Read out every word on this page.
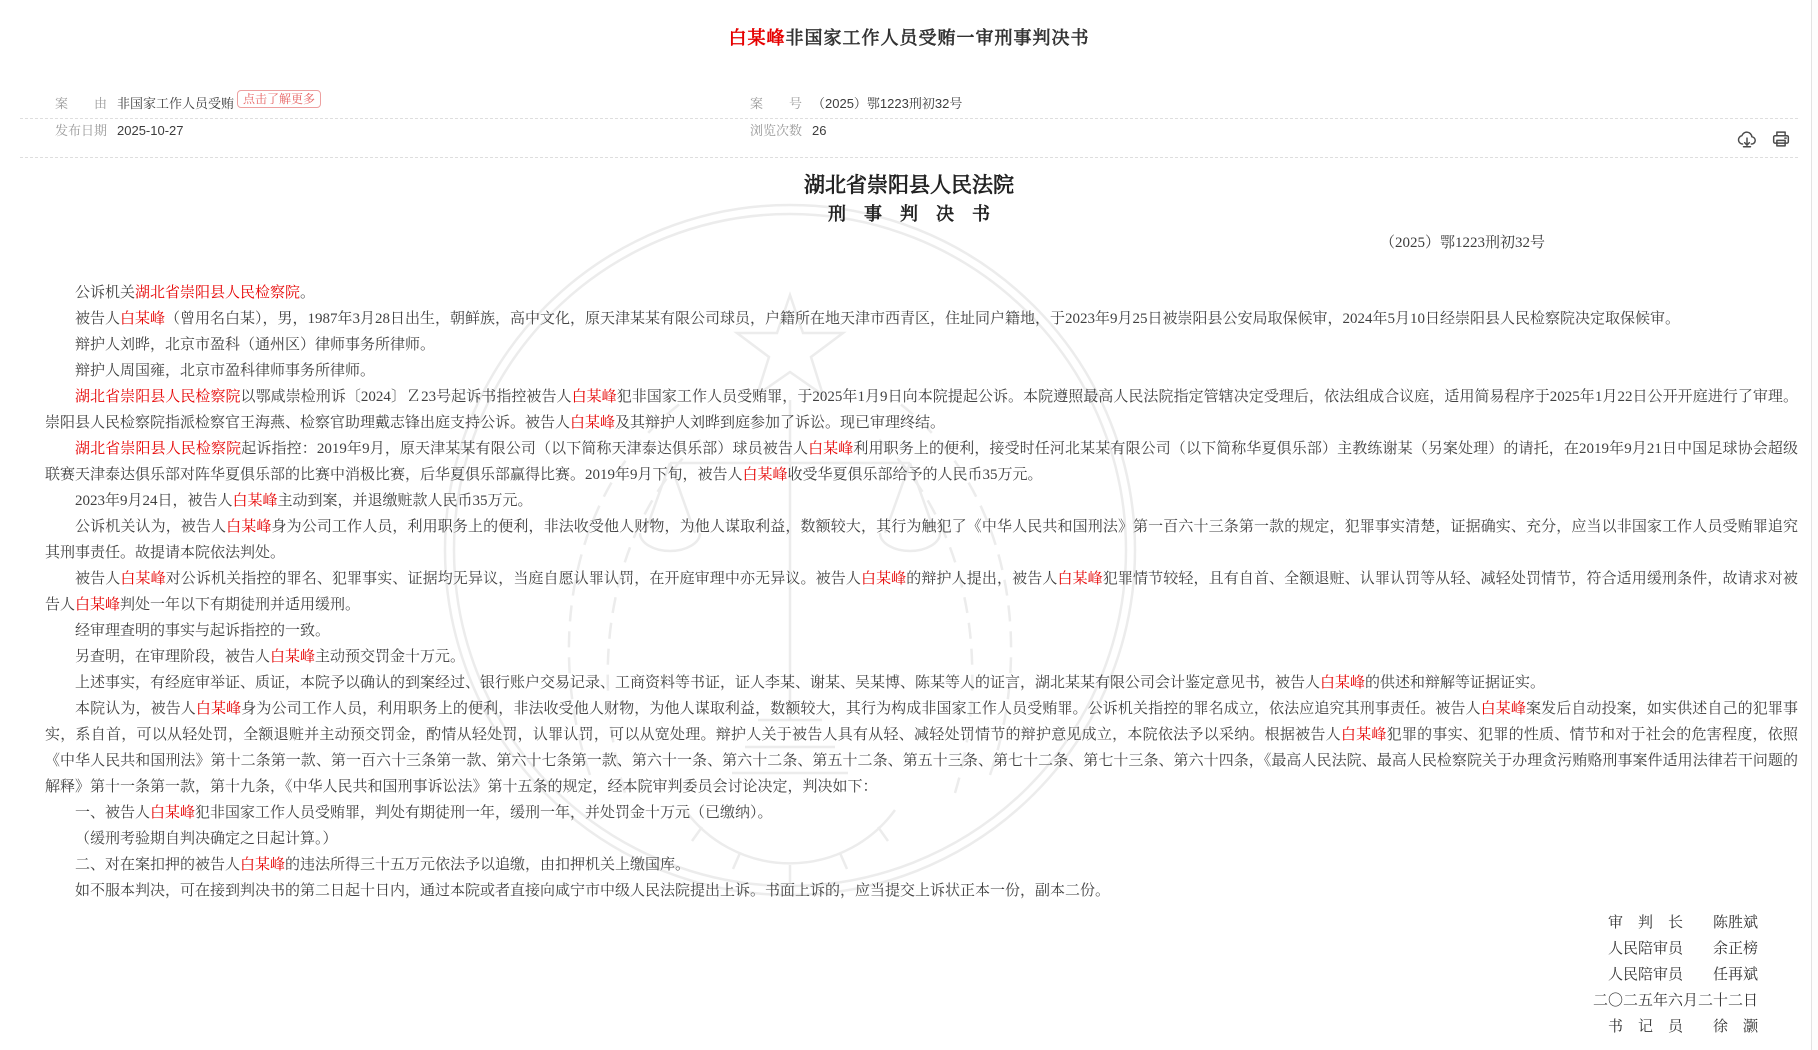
白某峰非国家工作人员受贿一审刑事判决书
案　　由 非国家工作人员受贿 点击了解更多	案　　号 （2025）鄂1223刑初32号
发布日期 2025-10-27	浏览次数 26
湖北省崇阳县人民法院
刑　事　判　决　书
（2025）鄂1223刑初32号

公诉机关湖北省崇阳县人民检察院。

被告人白某峰（曾用名白某），男，1987年3月28日出生，朝鲜族，高中文化，原天津某某有限公司球员，户籍所在地天津市西青区，住址同户籍地，于2023年9月25日被崇阳县公安局取保候审，2024年5月10日经崇阳县人民检察院决定取保候审。

辩护人刘晔，北京市盈科（通州区）律师事务所律师。

辩护人周国雍，北京市盈科律师事务所律师。

湖北省崇阳县人民检察院以鄂咸崇检刑诉〔2024〕Ｚ23号起诉书指控被告人白某峰犯非国家工作人员受贿罪，于2025年1月9日向本院提起公诉。本院遵照最高人民法院指定管辖决定受理后，依法组成合议庭，适用简易程序于2025年1月22日公开开庭进行了审理。崇阳县人民检察院指派检察官王海燕、检察官助理戴志锋出庭支持公诉。被告人白某峰及其辩护人刘晔到庭参加了诉讼。现已审理终结。

湖北省崇阳县人民检察院起诉指控：2019年9月，原天津某某有限公司（以下简称天津泰达俱乐部）球员被告人白某峰利用职务上的便利，接受时任河北某某有限公司（以下简称华夏俱乐部）主教练谢某（另案处理）的请托，在2019年9月21日中国足球协会超级联赛天津泰达俱乐部对阵华夏俱乐部的比赛中消极比赛，后华夏俱乐部赢得比赛。2019年9月下旬，被告人白某峰收受华夏俱乐部给予的人民币35万元。

2023年9月24日，被告人白某峰主动到案，并退缴赃款人民币35万元。

公诉机关认为，被告人白某峰身为公司工作人员，利用职务上的便利，非法收受他人财物，为他人谋取利益，数额较大，其行为触犯了《中华人民共和国刑法》第一百六十三条第一款的规定，犯罪事实清楚，证据确实、充分，应当以非国家工作人员受贿罪追究其刑事责任。故提请本院依法判处。

被告人白某峰对公诉机关指控的罪名、犯罪事实、证据均无异议，当庭自愿认罪认罚，在开庭审理中亦无异议。被告人白某峰的辩护人提出，被告人白某峰犯罪情节较轻，且有自首、全额退赃、认罪认罚等从轻、减轻处罚情节，符合适用缓刑条件，故请求对被告人白某峰判处一年以下有期徒刑并适用缓刑。

经审理查明的事实与起诉指控的一致。

另查明，在审理阶段，被告人白某峰主动预交罚金十万元。

上述事实，有经庭审举证、质证，本院予以确认的到案经过、银行账户交易记录、工商资料等书证，证人李某、谢某、吴某博、陈某等人的证言，湖北某某有限公司会计鉴定意见书，被告人白某峰的供述和辩解等证据证实。

本院认为，被告人白某峰身为公司工作人员，利用职务上的便利，非法收受他人财物，为他人谋取利益，数额较大，其行为构成非国家工作人员受贿罪。公诉机关指控的罪名成立，依法应追究其刑事责任。被告人白某峰案发后自动投案，如实供述自己的犯罪事实，系自首，可以从轻处罚，全额退赃并主动预交罚金，酌情从轻处罚，认罪认罚，可以从宽处理。辩护人关于被告人具有从轻、减轻处罚情节的辩护意见成立，本院依法予以采纳。根据被告人白某峰犯罪的事实、犯罪的性质、情节和对于社会的危害程度，依照《中华人民共和国刑法》第十二条第一款、第一百六十三条第一款、第六十七条第一款、第六十一条、第六十二条、第五十二条、第五十三条、第七十二条、第七十三条、第六十四条，《最高人民法院、最高人民检察院关于办理贪污贿赂刑事案件适用法律若干问题的解释》第十一条第一款，第十九条，《中华人民共和国刑事诉讼法》第十五条的规定，经本院审判委员会讨论决定，判决如下：

一、被告人白某峰犯非国家工作人员受贿罪，判处有期徒刑一年，缓刑一年，并处罚金十万元（已缴纳）。

（缓刑考验期自判决确定之日起计算。）

二、对在案扣押的被告人白某峰的违法所得三十五万元依法予以追缴，由扣押机关上缴国库。

如不服本判决，可在接到判决书的第二日起十日内，通过本院或者直接向咸宁市中级人民法院提出上诉。书面上诉的，应当提交上诉状正本一份，副本二份。

审　判　长 陈胜斌
人民陪审员 余正榜
人民陪审员 任再斌
二〇二五年六月二十二日
书　记　员 徐　灏
